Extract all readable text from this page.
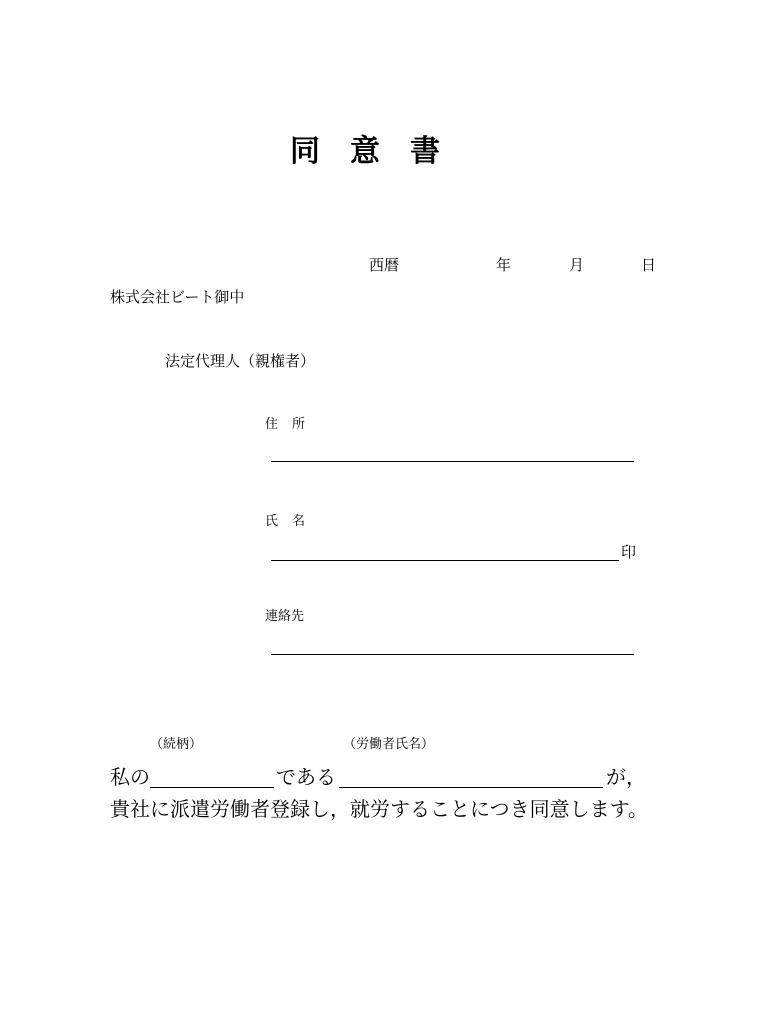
同 意 書
西暦	年	月	日
株式会社ビート御中
法定代理人（親権者）
住 所
氏 名
印
連絡先
（続柄）	（労働者氏名）
私の	である	が，
貴社に派遣労働者登録し，就労することにつき同意します。
